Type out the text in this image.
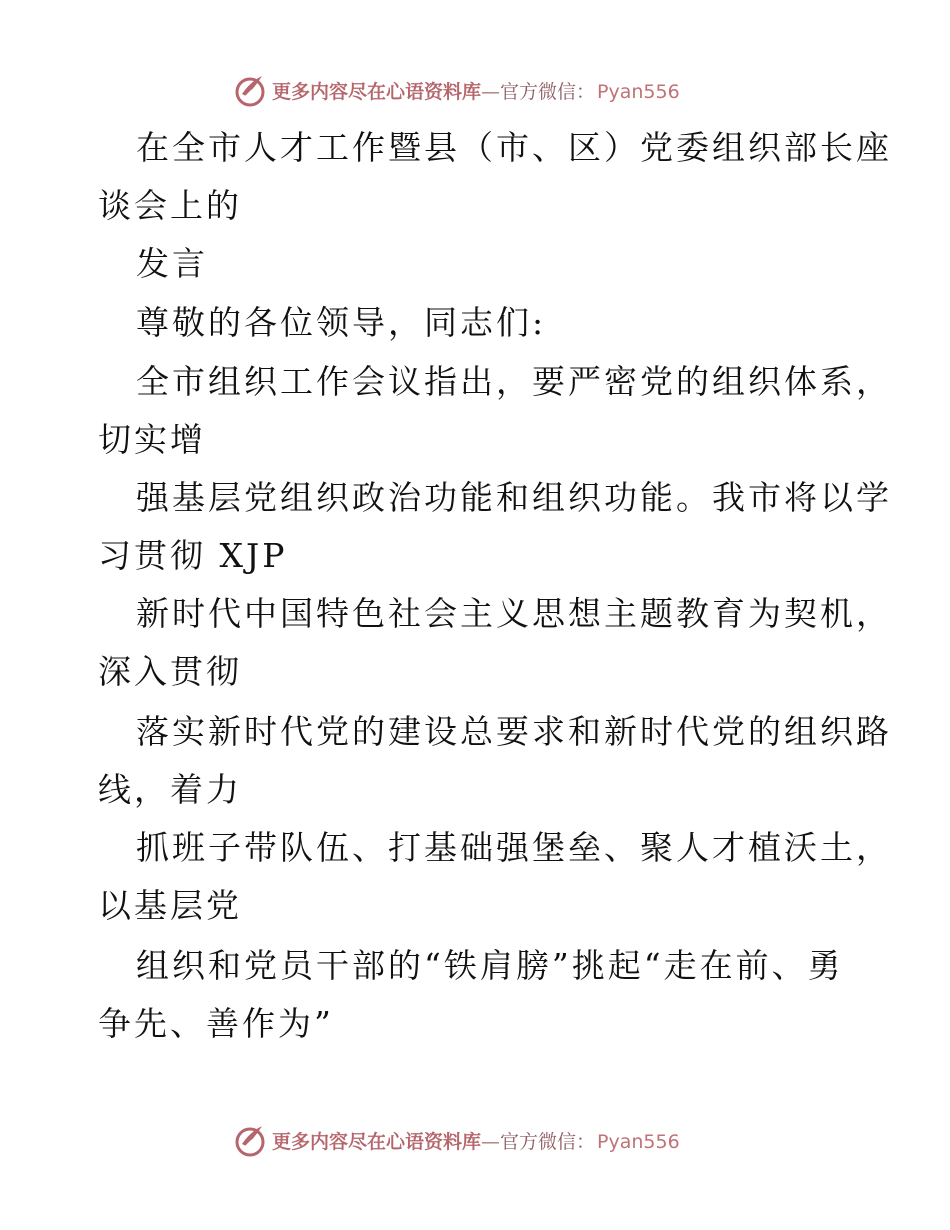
更多内容尽在心语资料库—官方微信： Pyan556
在全市人才工作暨县（市、区）党委组织部长座
谈会上的
发言
尊敬的各位领导，同志们:
全市组织工作会议指出，要严密党的组织体系，
切实增
强基层党组织政治功能和组织功能。我市将以学
习贯彻 XJP
新时代中国特色社会主义思想主题教育为契机，
深入贯彻
落实新时代党的建设总要求和新时代党的组织路
线，着力
抓班子带队伍、打基础强堡垒、聚人才植沃土，
以基层党
组织和党员干部的“铁肩膀”挑起“走在前、勇
争先、善作为”
更多内容尽在心语资料库—官方微信： Pyan556
